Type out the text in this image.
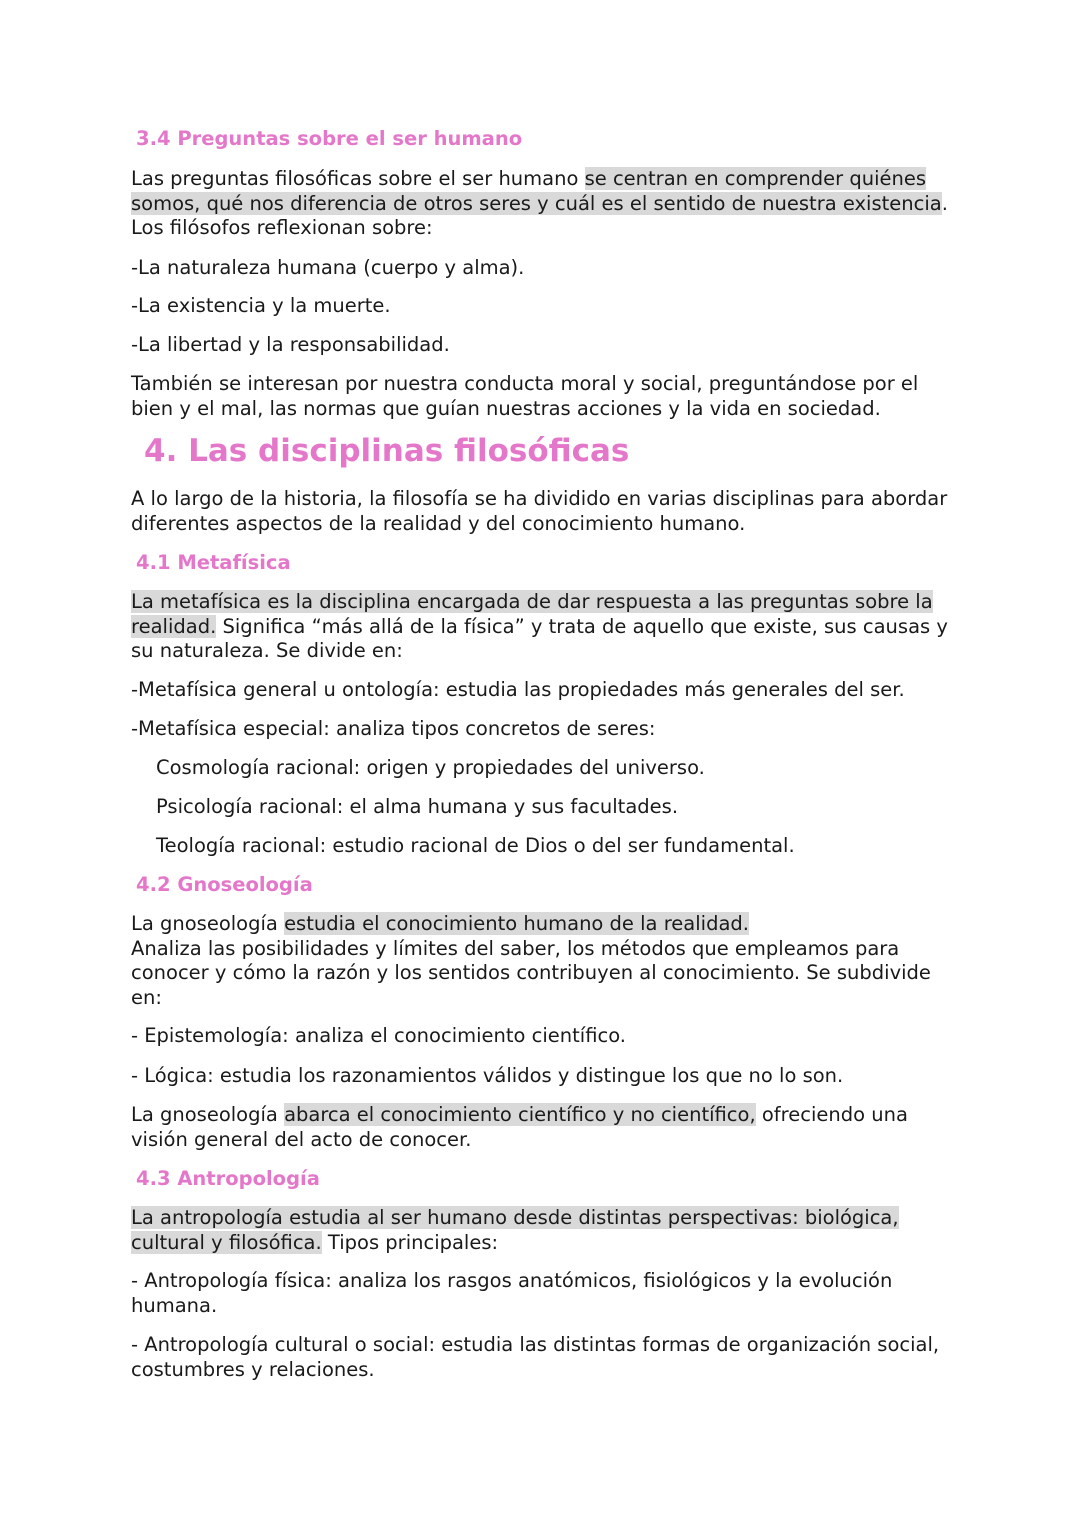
3.4 Preguntas sobre el ser humano

Las preguntas filosóficas sobre el ser humano se centran en comprender quiénes somos, qué nos diferencia de otros seres y cuál es el sentido de nuestra existencia.
Los filósofos reflexionan sobre:

-La naturaleza humana (cuerpo y alma).

-La existencia y la muerte.

-La libertad y la responsabilidad.

También se interesan por nuestra conducta moral y social, preguntándose por el bien y el mal, las normas que guían nuestras acciones y la vida en sociedad.

4. Las disciplinas filosóficas

A lo largo de la historia, la filosofía se ha dividido en varias disciplinas para abordar diferentes aspectos de la realidad y del conocimiento humano.

4.1 Metafísica

La metafísica es la disciplina encargada de dar respuesta a las preguntas sobre la realidad. Significa “más allá de la física” y trata de aquello que existe, sus causas y su naturaleza. Se divide en:

-Metafísica general u ontología: estudia las propiedades más generales del ser.

-Metafísica especial: analiza tipos concretos de seres:

Cosmología racional: origen y propiedades del universo.

Psicología racional: el alma humana y sus facultades.

Teología racional: estudio racional de Dios o del ser fundamental.

4.2 Gnoseología

La gnoseología estudia el conocimiento humano de la realidad.
Analiza las posibilidades y límites del saber, los métodos que empleamos para conocer y cómo la razón y los sentidos contribuyen al conocimiento. Se subdivide en:

- Epistemología: analiza el conocimiento científico.

- Lógica: estudia los razonamientos válidos y distingue los que no lo son.

La gnoseología abarca el conocimiento científico y no científico, ofreciendo una visión general del acto de conocer.

4.3 Antropología

La antropología estudia al ser humano desde distintas perspectivas: biológica, cultural y filosófica. Tipos principales:

- Antropología física: analiza los rasgos anatómicos, fisiológicos y la evolución humana.

- Antropología cultural o social: estudia las distintas formas de organización social, costumbres y relaciones.
